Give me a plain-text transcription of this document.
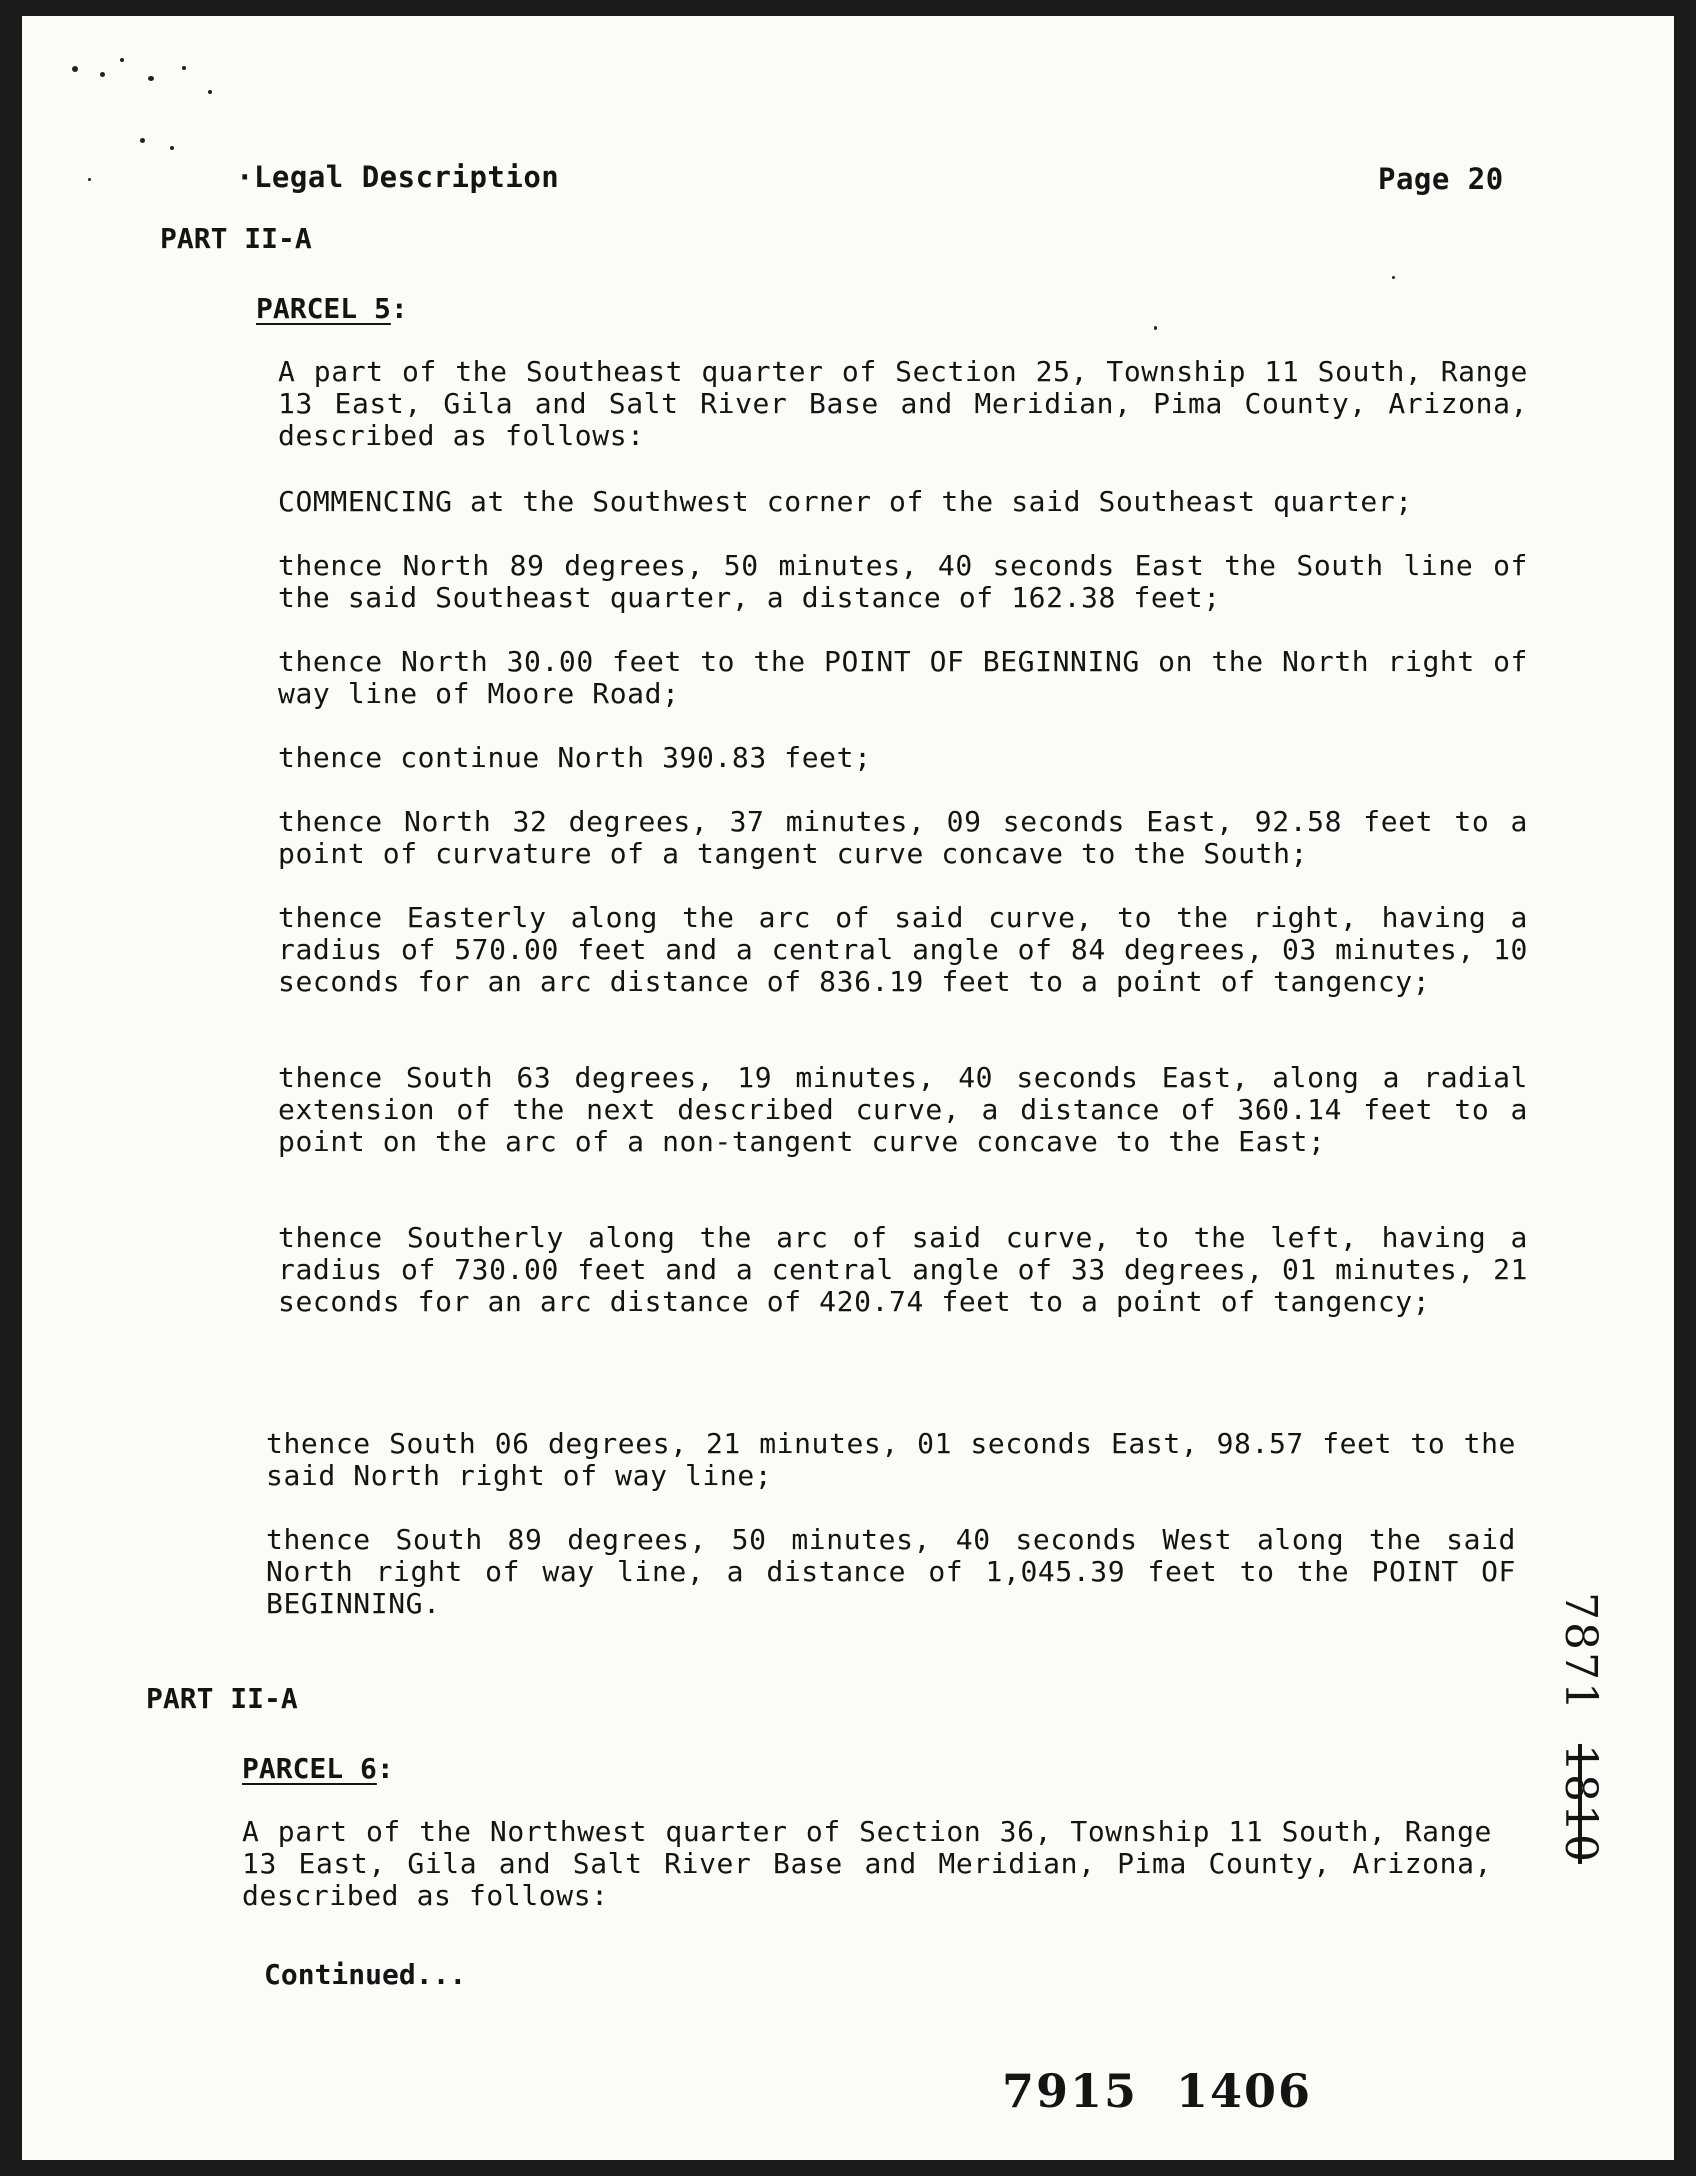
·Legal Description	Page 20
PART II-A
PARCEL 5:

A part of the Southeast quarter of Section 25, Township 11 South, Range 13 East, Gila and Salt River Base and Meridian, Pima County, Arizona, described as follows:

COMMENCING at the Southwest corner of the said Southeast quarter;

thence North 89 degrees, 50 minutes, 40 seconds East the South line of the said Southeast quarter, a distance of 162.38 feet;

thence North 30.00 feet to the POINT OF BEGINNING on the North right of way line of Moore Road;

thence continue North 390.83 feet;

thence North 32 degrees, 37 minutes, 09 seconds East, 92.58 feet to a point of curvature of a tangent curve concave to the South;

thence Easterly along the arc of said curve, to the right, having a radius of 570.00 feet and a central angle of 84 degrees, 03 minutes, 10 seconds for an arc distance of 836.19 feet to a point of tangency;

thence South 63 degrees, 19 minutes, 40 seconds East, along a radial extension of the next described curve, a distance of 360.14 feet to a point on the arc of a non-tangent curve concave to the East;

thence Southerly along the arc of said curve, to the left, having a radius of 730.00 feet and a central angle of 33 degrees, 01 minutes, 21 seconds for an arc distance of 420.74 feet to a point of tangency;

thence South 06 degrees, 21 minutes, 01 seconds East, 98.57 feet to the said North right of way line;

thence South 89 degrees, 50 minutes, 40 seconds West along the said North right of way line, a distance of 1,045.39 feet to the POINT OF BEGINNING.

PART II-A
PARCEL 6:

A part of the Northwest quarter of Section 36, Township 11 South, Range 13 East, Gila and Salt River Base and Meridian, Pima County, Arizona, described as follows:

Continued...
7915 1406
7871  1810
